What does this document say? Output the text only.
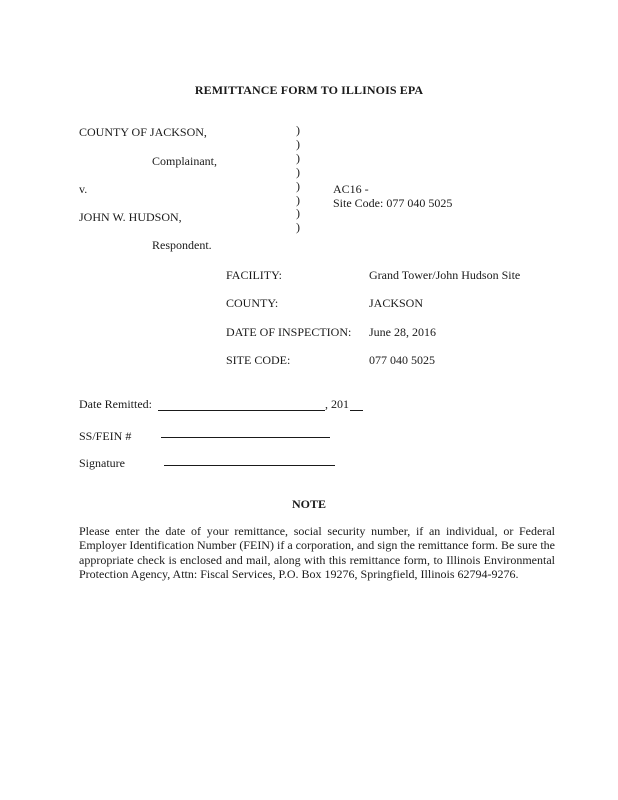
REMITTANCE FORM TO ILLINOIS EPA
COUNTY OF JACKSON,
Complainant,
v.
JOHN W. HUDSON,
Respondent.
)
)
)
)
)
)
)
)
AC16 -
Site Code: 077 040 5025
FACILITY:	Grand Tower/John Hudson Site
COUNTY:	JACKSON
DATE OF INSPECTION: June 28, 2016
SITE CODE:	077 040 5025
Date Remitted:	, 201
SS/FEIN #
Signature
NOTE
Please enter the date of your remittance, social security number, if an individual, or Federal Employer Identification Number (FEIN) if a corporation, and sign the remittance form. Be sure the appropriate check is enclosed and mail, along with this remittance form, to Illinois Environmental Protection Agency, Attn: Fiscal Services, P.O. Box 19276, Springfield, Illinois 62794-9276.
